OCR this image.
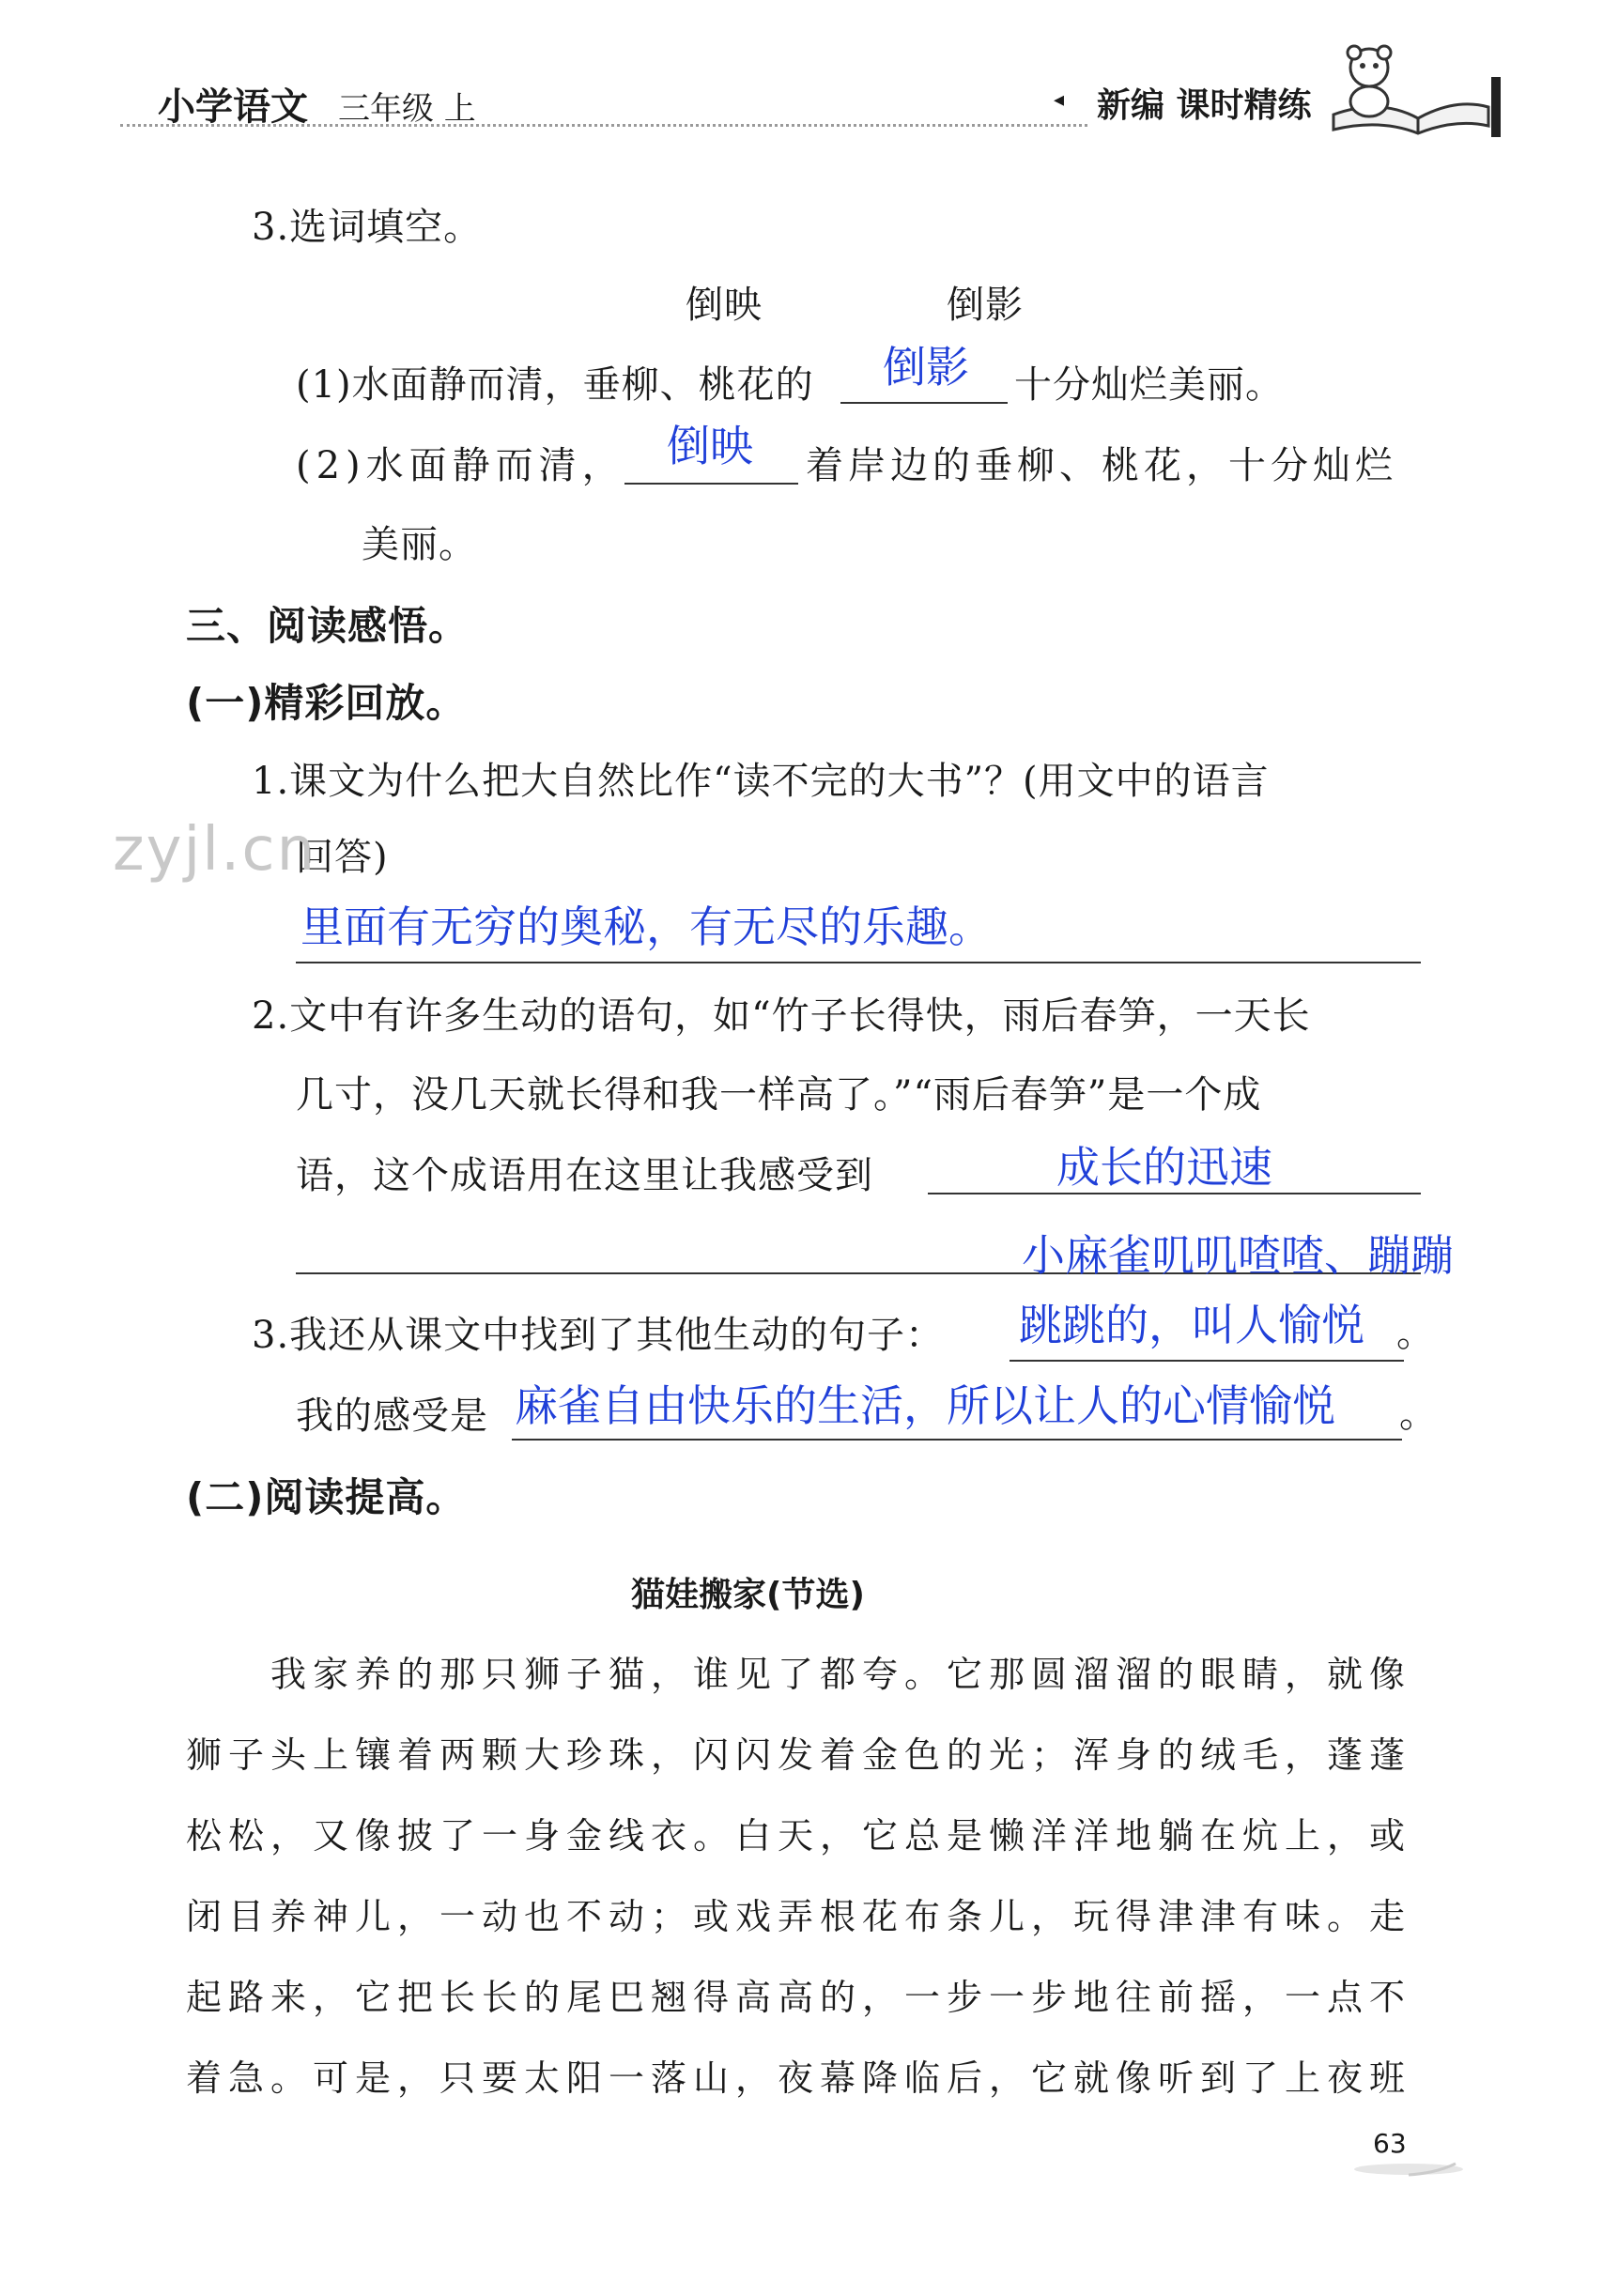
小学语文 三年级 上	◂ 新编 课时精练
3.选词填空。
倒映	倒影
(1)水面静而清，垂柳、桃花的 倒影 十分灿烂美丽。
(2)水面静而清， 倒映 着岸边的垂柳、桃花，十分灿烂
美丽。
三、阅读感悟。
(一)精彩回放。
1.课文为什么把大自然比作“读不完的大书”？(用文中的语言
回答)
zyjl.cn
里面有无穷的奥秘，有无尽的乐趣。
2.文中有许多生动的语句，如“竹子长得快，雨后春笋，一天长
几寸，没几天就长得和我一样高了。”“雨后春笋”是一个成
语，这个成语用在这里让我感受到	成长的迅速
小麻雀叽叽喳喳、蹦蹦
3.我还从课文中找到了其他生动的句子： 跳跳的，叫人愉悦 。
我的感受是 麻雀自由快乐的生活，所以让人的心情愉悦 。
(二)阅读提高。
猫娃搬家(节选)
我家养的那只狮子猫，谁见了都夸。它那圆溜溜的眼睛，就像
狮子头上镶着两颗大珍珠，闪闪发着金色的光；浑身的绒毛，蓬蓬
松松，又像披了一身金线衣。白天，它总是懒洋洋地躺在炕上，或
闭目养神儿，一动也不动；或戏弄根花布条儿，玩得津津有味。走
起路来，它把长长的尾巴翘得高高的，一步一步地往前摇，一点不
着急。可是，只要太阳一落山，夜幕降临后，它就像听到了上夜班
63
